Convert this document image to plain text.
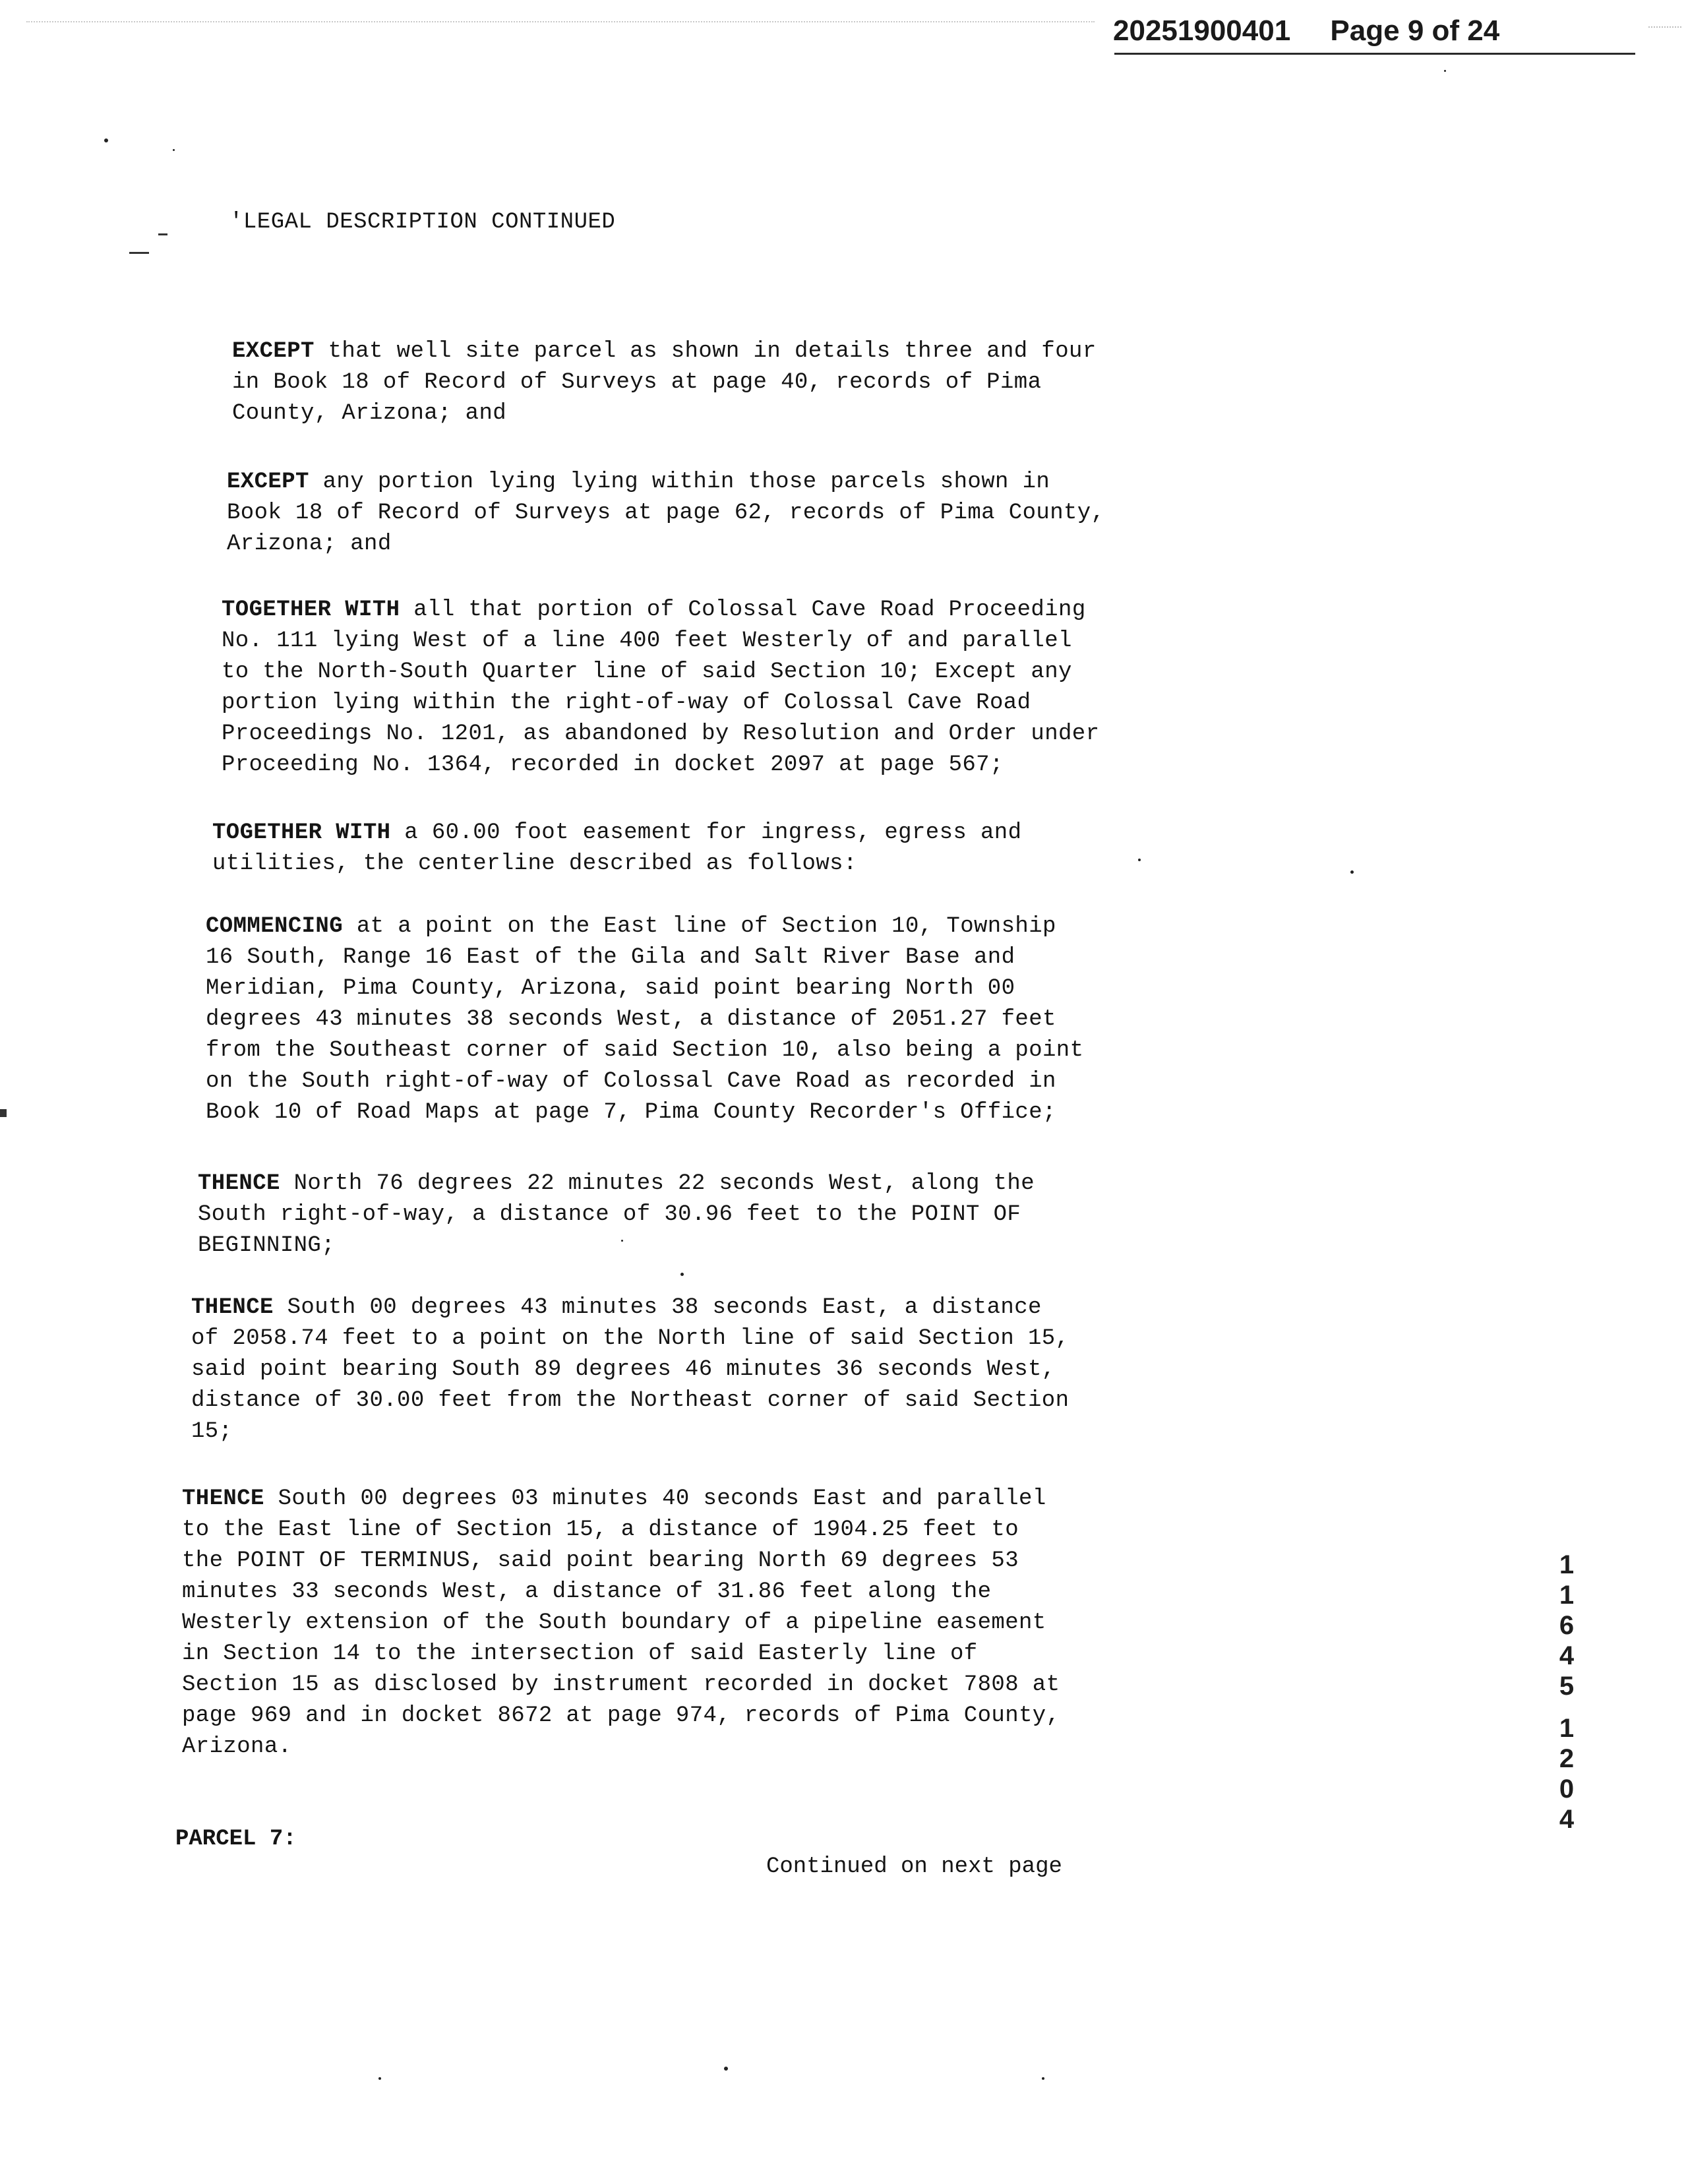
20251900401 Page 9 of 24
'LEGAL DESCRIPTION CONTINUED
EXCEPT that well site parcel as shown in details three and four
in Book 18 of Record of Surveys at page 40, records of Pima
County, Arizona; and
EXCEPT any portion lying lying within those parcels shown in
Book 18 of Record of Surveys at page 62, records of Pima County,
Arizona; and
TOGETHER WITH all that portion of Colossal Cave Road Proceeding
No. 111 lying West of a line 400 feet Westerly of and parallel
to the North-South Quarter line of said Section 10; Except any
portion lying within the right-of-way of Colossal Cave Road
Proceedings No. 1201, as abandoned by Resolution and Order under
Proceeding No. 1364, recorded in docket 2097 at page 567;
TOGETHER WITH a 60.00 foot easement for ingress, egress and
utilities, the centerline described as follows:
COMMENCING at a point on the East line of Section 10, Township
16 South, Range 16 East of the Gila and Salt River Base and
Meridian, Pima County, Arizona, said point bearing North 00
degrees 43 minutes 38 seconds West, a distance of 2051.27 feet
from the Southeast corner of said Section 10, also being a point
on the South right-of-way of Colossal Cave Road as recorded in
Book 10 of Road Maps at page 7, Pima County Recorder's Office;
THENCE North 76 degrees 22 minutes 22 seconds West, along the
South right-of-way, a distance of 30.96 feet to the POINT OF
BEGINNING;
THENCE South 00 degrees 43 minutes 38 seconds East, a distance
of 2058.74 feet to a point on the North line of said Section 15,
said point bearing South 89 degrees 46 minutes 36 seconds West,
distance of 30.00 feet from the Northeast corner of said Section
15;
THENCE South 00 degrees 03 minutes 40 seconds East and parallel
to the East line of Section 15, a distance of 1904.25 feet to
the POINT OF TERMINUS, said point bearing North 69 degrees 53
minutes 33 seconds West, a distance of 31.86 feet along the
Westerly extension of the South boundary of a pipeline easement
in Section 14 to the intersection of said Easterly line of
Section 15 as disclosed by instrument recorded in docket 7808 at
page 969 and in docket 8672 at page 974, records of Pima County,
Arizona.
PARCEL 7:
Continued on next page
1
1
6
4
5
1
2
0
4
